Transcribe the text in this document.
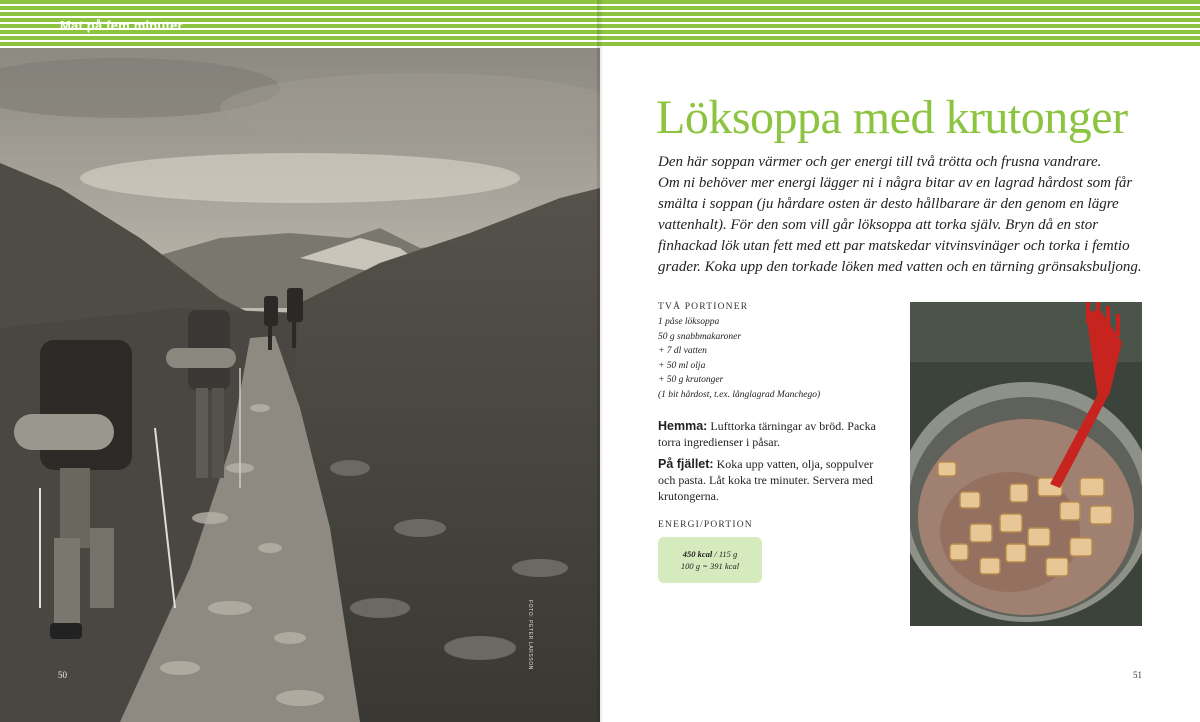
Mat på fem minuter
FOTO: PETER LARSSON
50
Löksoppa med krutonger

Den här soppan värmer och ger energi till två trötta och frusna vandrare.
Om ni behöver mer energi lägger ni i några bitar av en lagrad hårdost som får
smälta i soppan (ju hårdare osten är desto hållbarare är den genom en lägre
vattenhalt). För den som vill går löksoppa att torka själv. Bryn då en stor
finhackad lök utan fett med ett par matskedar vitvinsvinäger och torka i femtio
grader. Koka upp den torkade löken med vatten och en tärning grönsaksbuljong.

TVÅ PORTIONER
1 påse löksoppa
50 g snabbmakaroner
+ 7 dl vatten
+ 50 ml olja
+ 50 g krutonger
(1 bit hårdost, t.ex. långlagrad Manchego)

Hemma: Lufttorka tärningar av bröd. Packa torra ingredienser i påsar.

På fjället: Koka upp vatten, olja, soppulver och pasta. Låt koka tre minuter. Servera med krutongerna.

ENERGI/PORTION
450 kcal / 115 g
100 g = 391 kcal
51
